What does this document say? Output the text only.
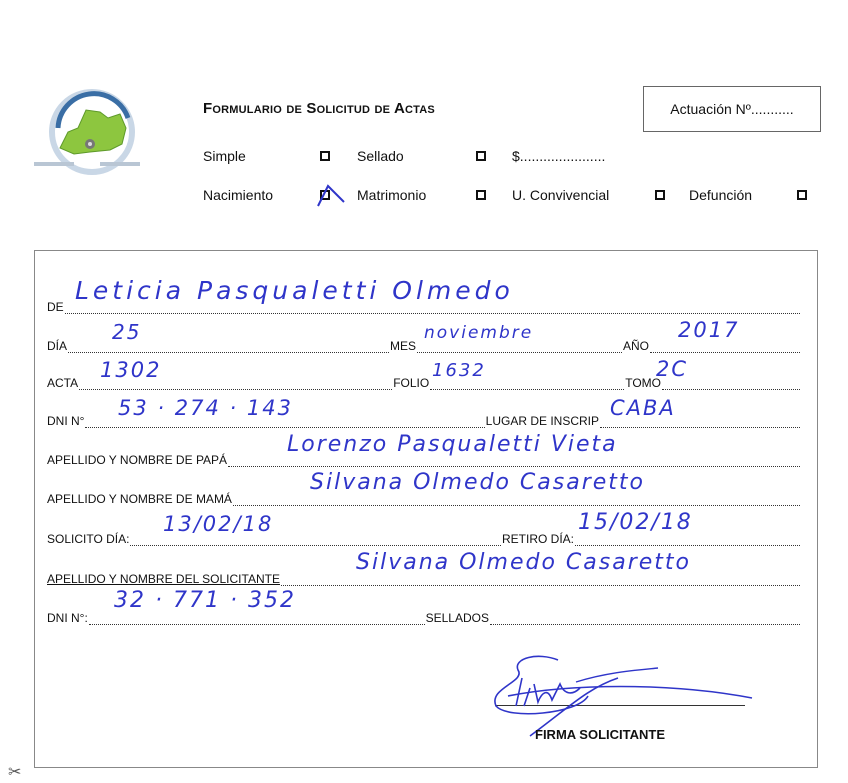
Formulario de Solicitud de Actas	Actuación Nº...........
Simple	Sellado	$......................
Nacimiento	Matrimonio	U. Convivencial	Defunción
DE
Leticia Pasqualetti Olmedo
DÍA	MES	AÑO
25	noviembre	2017
ACTA	FOLIO	TOMO
1302	1632	2C
DNI N°	LUGAR DE INSCRIP
53 · 274 · 143	CABA
APELLIDO Y NOMBRE DE PAPÁ
Lorenzo Pasqualetti Vieta
APELLIDO Y NOMBRE DE MAMÁ
Silvana Olmedo Casaretto
SOLICITO DÍA:	RETIRO DÍA:
13/02/18	15/02/18
APELLIDO Y NOMBRE DEL SOLICITANTE
Silvana Olmedo Casaretto
DNI N°:	SELLADOS
32 · 771 · 352
FIRMA SOLICITANTE
✂
